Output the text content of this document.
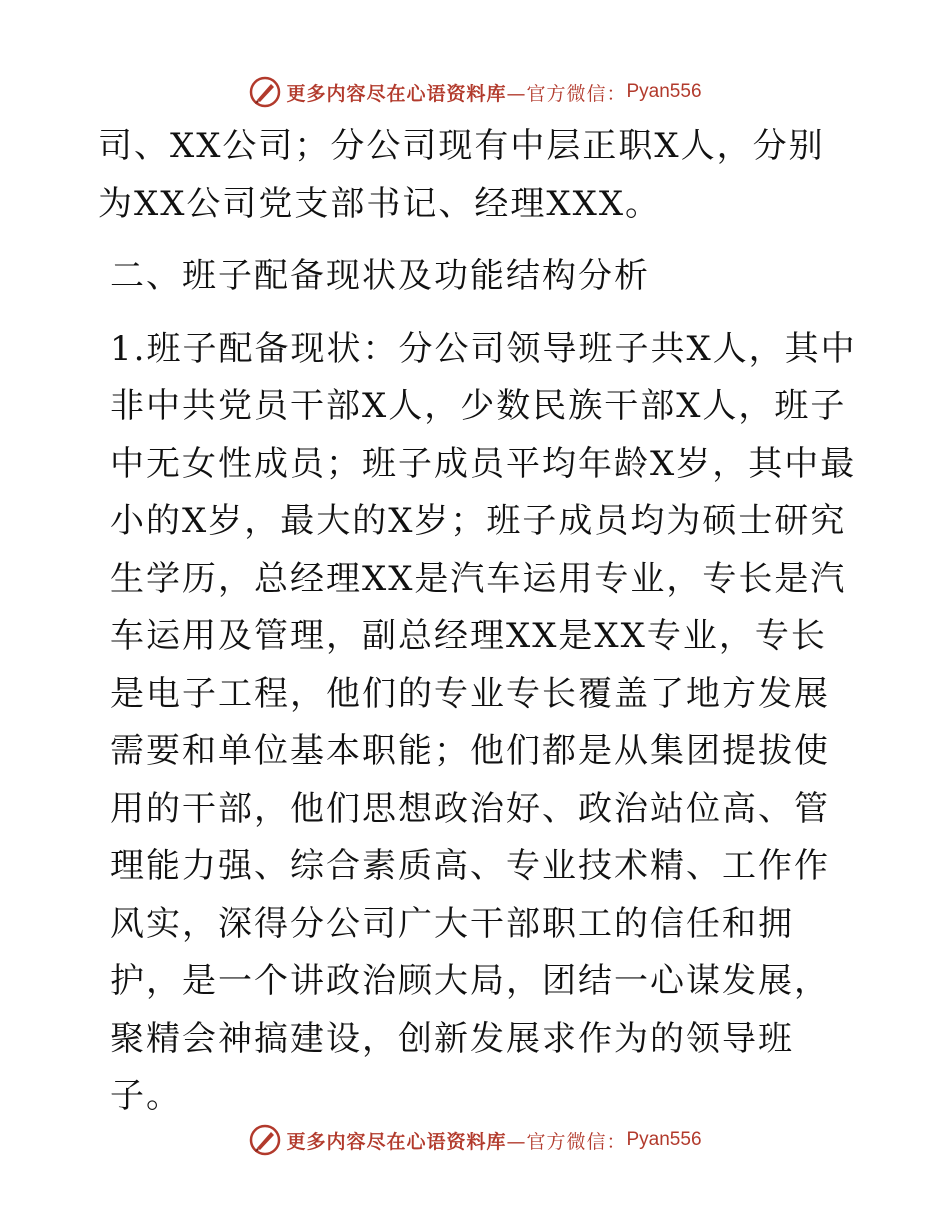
更多内容尽在心语资料库 —官方微信： Pyan556

司、XX公司；分公司现有中层正职X人，分别为XX公司党支部书记、经理XXX。

二、班子配备现状及功能结构分析

1.班子配备现状：分公司领导班子共X人，其中非中共党员干部X人，少数民族干部X人，班子中无女性成员；班子成员平均年龄X岁，其中最小的X岁，最大的X岁；班子成员均为硕士研究生学历，总经理XX是汽车运用专业，专长是汽车运用及管理，副总经理XX是XX专业，专长是电子工程，他们的专业专长覆盖了地方发展需要和单位基本职能；他们都是从集团提拔使用的干部，他们思想政治好、政治站位高、管理能力强、综合素质高、专业技术精、工作作风实，深得分公司广大干部职工的信任和拥护，是一个讲政治顾大局，团结一心谋发展，聚精会神搞建设，创新发展求作为的领导班子。

更多内容尽在心语资料库 —官方微信： Pyan556
